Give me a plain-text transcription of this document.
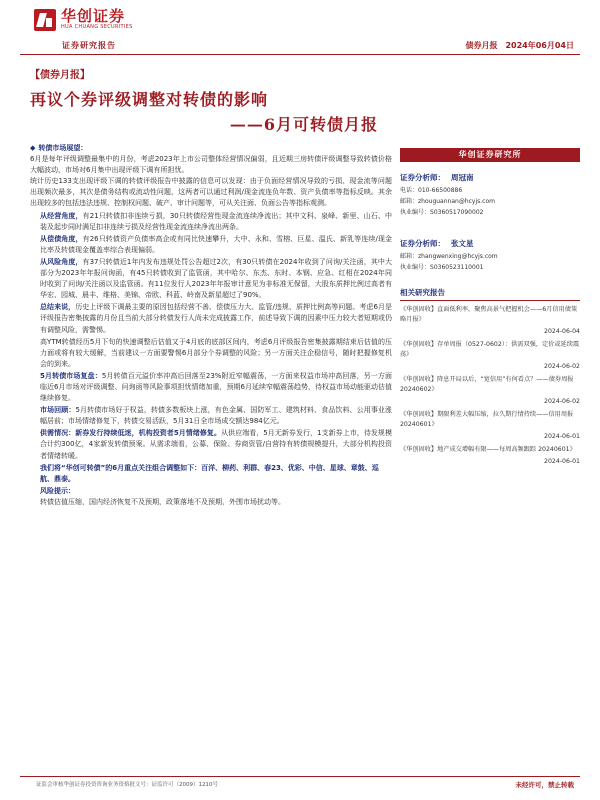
华创证券
HUA CHUANG SECURITIES
证券研究报告	债券月报 2024年06月04日
【债券月报】
再议个券评级调整对转债的影响
——6月可转债月报
◆ 转债市场展望：
6月是每年评级调整最集中的月份，考虑2023年上市公司整体经营情况偏弱，且近期三房转债评级调整导致转债价格大幅波动，市场对6月集中出现评级下调有所担忧。
统计历史133支出现评级下调的转债评级报告中披露的信息可以发现：由于负面经营情况导致的亏损、现金流等问题出现频次最多，其次是债务结构或流动性问题，这两者可以通过利润/现金流连负年数、资产负债率等指标反映。其余出现较多的包括违法违规、控制权问题、破产、审计问题等，可从关注面、负面公告等指标观测。
从经营角度，有21只转债扣非连续亏损，30只转债经营性现金流连续净流出；其中文科、泉峰、新里、山石、中装及起步同时满足扣非连续亏损及经营性现金流连续净流出两条。
从偿债角度，有26只转债资产负债率高企或有同比快速攀升，大中、永和、雪榕、巨星、温氏、新乳等连续/现金比率及转债现金覆盖率综合表现偏弱。
从风险角度，有37只转债近1年内发布违规处罚公告超过2次，有30只转债在2024年收到了问询/关注函，其中大部分为2023年年报问询函，有45只转债收到了监管函，其中哈尔、东杰、东时、本钢、应急、红相在2024年同时收到了问询/关注函以及监管函。有11位发行人2023年年报审计意见为非标准无保留，大股东质押比例过高者有华宏、园城、晨丰、维格、美锦、帝欧、科蓝、岭南及新星超过了90%。
总结来说，历史上评级下调最主要的原因包括经营不善、偿债压力大、监管/违规、质押比例高等问题。考虑6月是评级报告密集披露的月份且当前大部分转债发行人尚未完成披露工作，前述导致下调的因素中压力较大者短期或仍有调整风险，需警惕。
高YTM转债经历5月下旬的快速调整后估值又于4月底的底部区间内，考虑6月评级报告密集披露期结束后估值的压力面或将有较大缓解，当前建议一方面要警惕6月部分个券调整的风险；另一方面关注企稳信号，随时把握修复机会的到来。
5月转债市场复盘：5月转债百元溢价率冲高后回落至23%附近窄幅震荡，一方面来权益市场冲高回落，另一方面临近6月市场对评级调整、问询函等风险事项担忧情绪加重，预期6月延续窄幅震荡趋势，待权益市场动能驱动估值继续修复。
市场回顾：5月转债市场好于权益，转债多数板块上涨，有色金属、国防军工、建筑材料、食品饮料、公用事业涨幅居前；市场情绪修复下，转债交易活跃，5月31日全市场成交额达984亿元。
供需情况：新券发行持续低迷，机构投资者5月情绪修复。从供应端看，5月无新券发行，1支新券上市，待发规模合计约300亿，4家新发转债预案。从需求端看，公募、保险、券商资管/自营持有转债规模提升，大部分机构投资者情绪转暖。
我们将“华创可转债”的6月重点关注组合调整如下：百洋、柳药、利群、春23、优彩、中信、星球、章鼓、巡航、鼎泰。
风险提示：
转债估值压缩，国内经济恢复不及预期，政策落地不及预期，外围市场扰动等。
华创证券研究所
证券分析师： 周冠南
电话：010-66500886
邮箱：zhouguannan@hcyjs.com
执业编号：S0360517090002
证券分析师： 张文星
邮箱：zhangwenxing@hcyjs.com
执业编号：S0360523110001
相关研究报告
《华创固收】直面低利率，聚焦高景气把握机会——6月信用债策略月报》
2024-06-04
《华创固收】存单周报（0527-0602）：供需双强，定价或延续震荡》
2024-06-02
《华创固收】降息开局以后，“宽信用”有何看点？——债券周报 20240602》
2024-06-02
《华创固收】期限利差大幅压缩，拉久期行情持续——信用周报 20240601》
2024-06-01
《华创固收】地产成交增幅有限——每周高频跟踪 20240601》
2024-06-01
证监会审核华创证券投资咨询业务资格批文号：证监许可（2009）1210号	未经许可，禁止转载
